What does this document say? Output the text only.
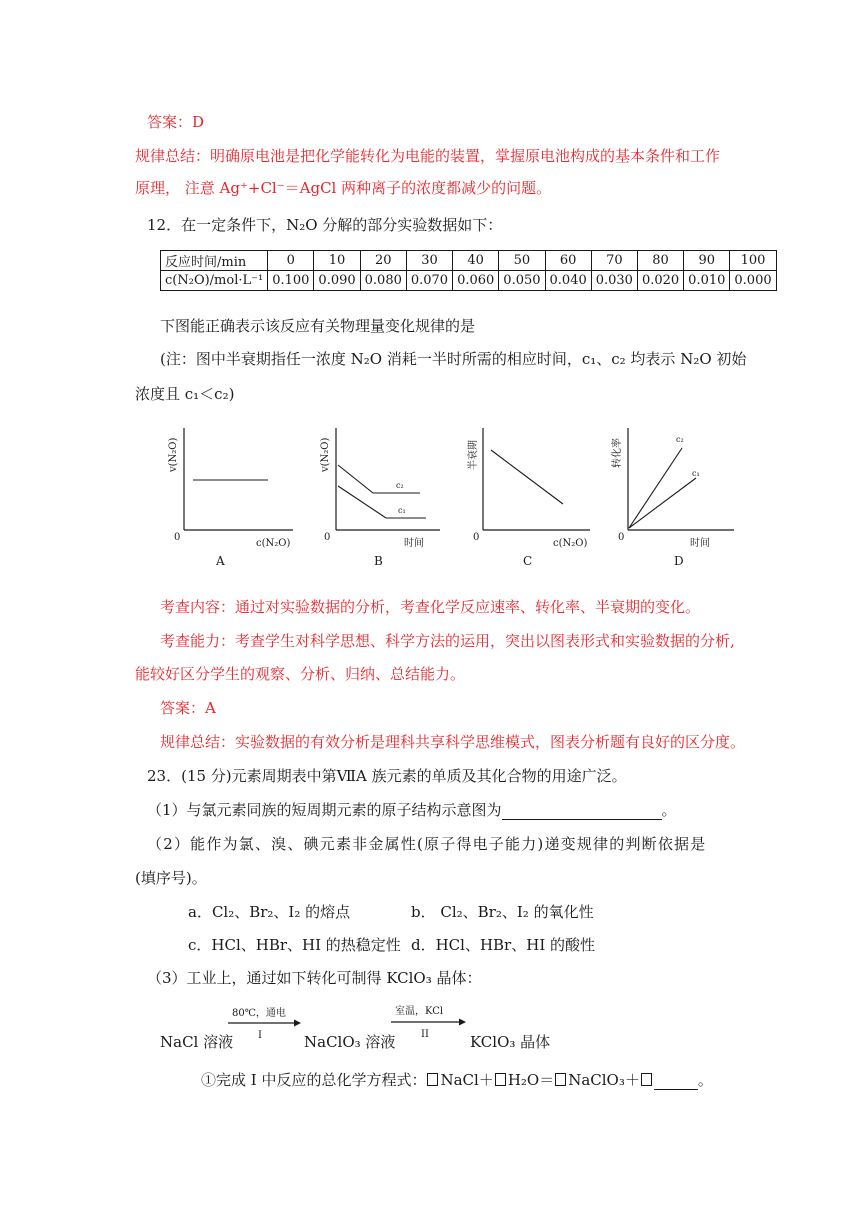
答案：D
规律总结：明确原电池是把化学能转化为电能的装置，掌握原电池构成的基本条件和工作
原理， 注意 Ag⁺+Cl⁻＝AgCl 两种离子的浓度都减少的问题。
12．在一定条件下，N₂O 分解的部分实验数据如下：
反应时间/min	0	10	20	30	40	50	60	70	80	90	100
c(N₂O)/mol·L⁻¹	0.100	0.090	0.080	0.070	0.060	0.050	0.040	0.030	0.020	0.010	0.000
下图能正确表示该反应有关物理量变化规律的是
(注：图中半衰期指任一浓度 N₂O 消耗一半时所需的相应时间，c₁、c₂ 均表示 N₂O 初始
浓度且 c₁＜c₂)
v(N₂O)
0
c(N₂O)
A
c₂
c₁
v(N₂O)
0
时间
B
半衰期
0
c(N₂O)
C
c₂
c₁
转化率
0
时间
D
考查内容：通过对实验数据的分析，考查化学反应速率、转化率、半衰期的变化。
考查能力：考查学生对科学思想、科学方法的运用，突出以图表形式和实验数据的分析,
能较好区分学生的观察、分析、归纳、总结能力。
答案：A
规律总结：实验数据的有效分析是理科共享科学思维模式，图表分析题有良好的区分度。
23．(15 分)元素周期表中第ⅦA 族元素的单质及其化合物的用途广泛。
（1）与氯元素同族的短周期元素的原子结构示意图为	。
（2）能作为氯、溴、碘元素非金属性(原子得电子能力)递变规律的判断依据是
(填序号)。
a．Cl₂、Br₂、I₂ 的熔点	b． Cl₂、Br₂、I₂ 的氧化性
c．HCl、HBr、HI 的热稳定性 d．HCl、HBr、HI 的酸性
（3）工业上，通过如下转化可制得 KClO₃ 晶体：
NaCl 溶液	NaClO₃ 溶液	KClO₃ 晶体
80℃，通电
I
室温，KCl
II
①完成 I 中反应的总化学方程式： NaCl＋ H₂O＝ NaClO₃＋	。
